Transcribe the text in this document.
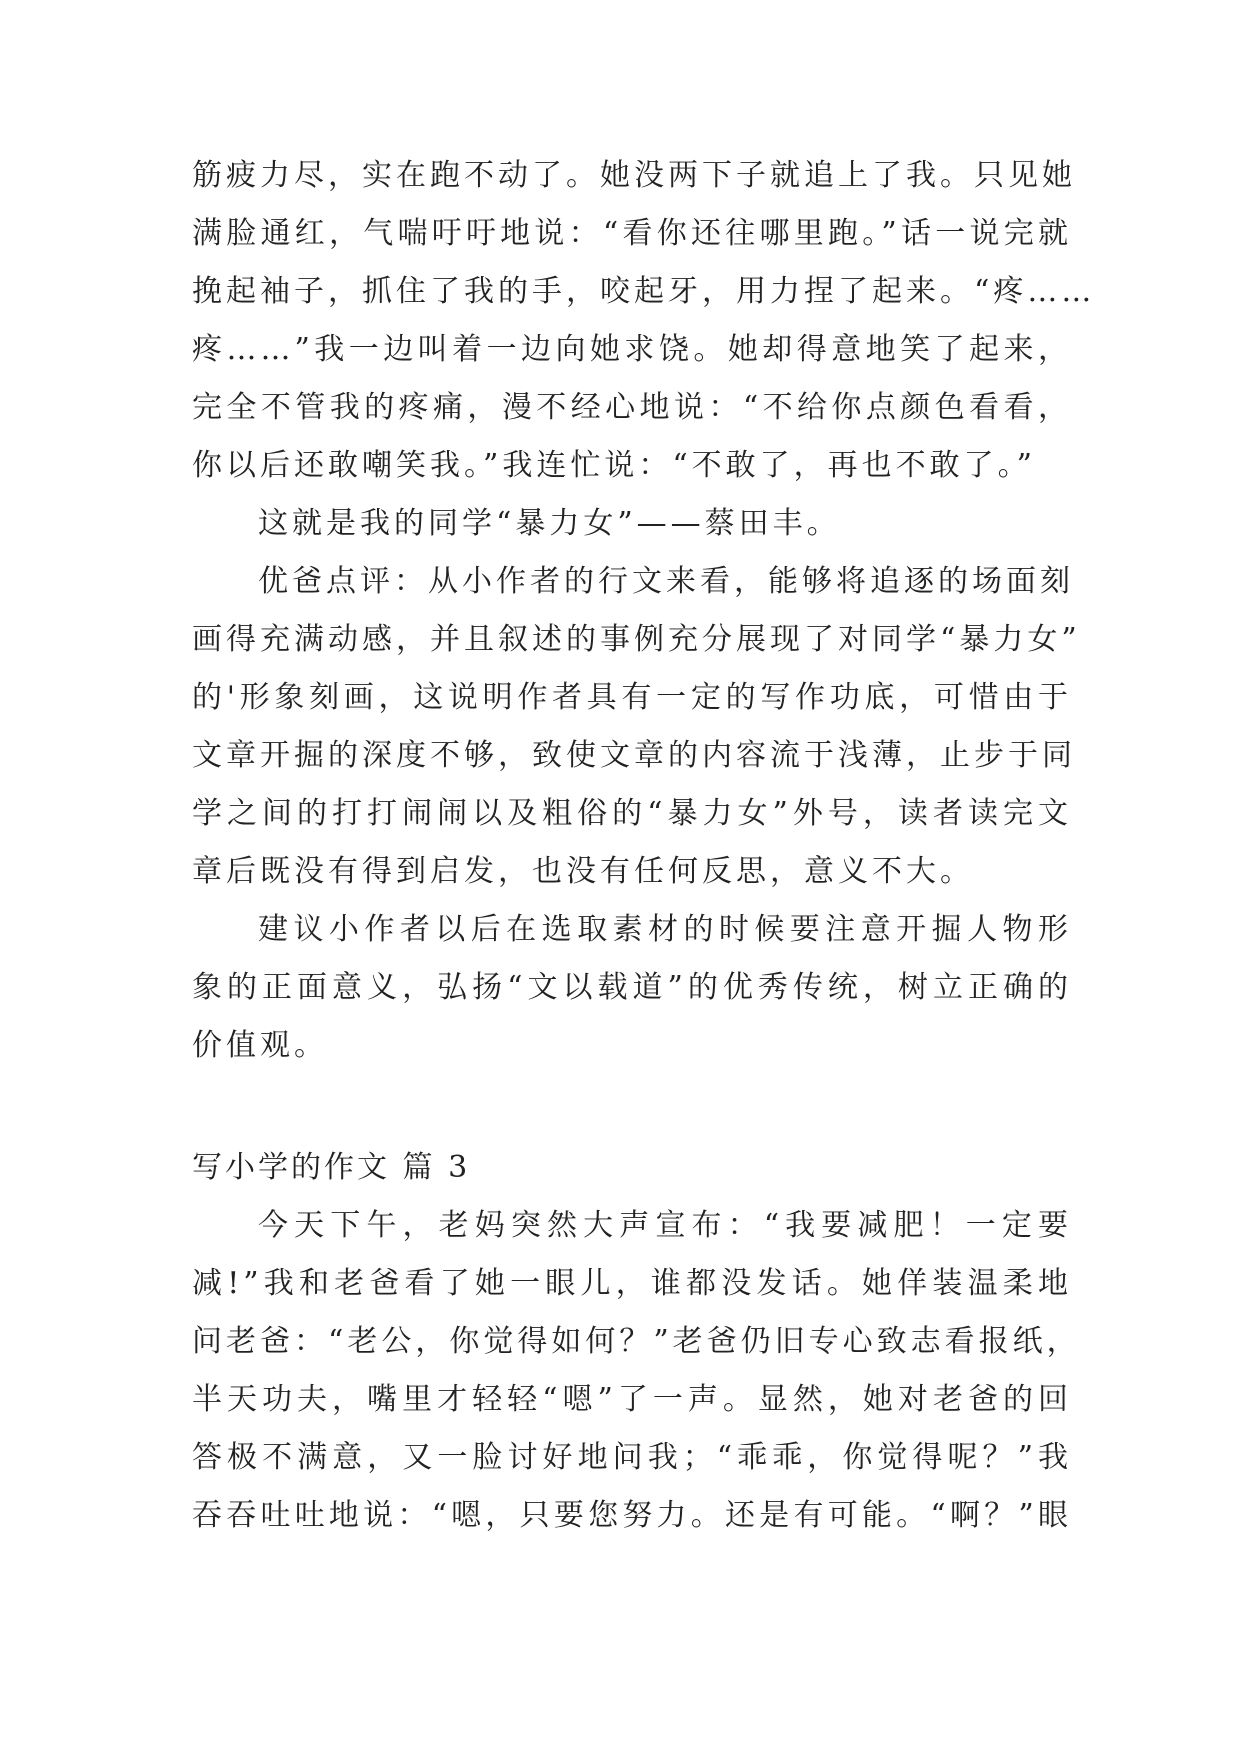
筋疲力尽，实在跑不动了。她没两下子就追上了我。只见她
满脸通红，气喘吁吁地说：“看你还往哪里跑。”话一说完就
挽起袖子，抓住了我的手，咬起牙，用力捏了起来。“疼……
疼……”我一边叫着一边向她求饶。她却得意地笑了起来，
完全不管我的疼痛，漫不经心地说：“不给你点颜色看看，
你以后还敢嘲笑我。”我连忙说：“不敢了，再也不敢了。”
这就是我的同学“暴力女”——蔡田丰。
优爸点评：从小作者的行文来看，能够将追逐的场面刻
画得充满动感，并且叙述的事例充分展现了对同学“暴力女”
的'形象刻画，这说明作者具有一定的写作功底，可惜由于
文章开掘的深度不够，致使文章的内容流于浅薄，止步于同
学之间的打打闹闹以及粗俗的“暴力女”外号，读者读完文
章后既没有得到启发，也没有任何反思，意义不大。
建议小作者以后在选取素材的时候要注意开掘人物形
象的正面意义，弘扬“文以载道”的优秀传统，树立正确的
价值观。
写小学的作文 篇 3
今天下午，老妈突然大声宣布：“我要减肥！一定要
减!”我和老爸看了她一眼儿，谁都没发话。她佯装温柔地
问老爸：“老公，你觉得如何？”老爸仍旧专心致志看报纸，
半天功夫，嘴里才轻轻“嗯”了一声。显然，她对老爸的回
答极不满意，又一脸讨好地问我；“乖乖，你觉得呢？”我
吞吞吐吐地说：“嗯，只要您努力。还是有可能。“啊？”眼
